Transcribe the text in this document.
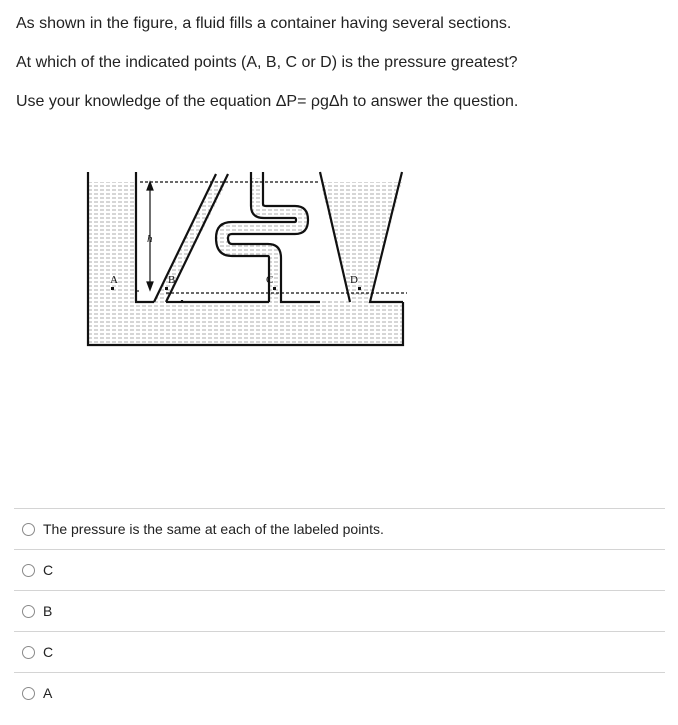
As shown in the figure, a fluid fills a container having several sections.
At which of the indicated points (A, B, C or D) is the pressure greatest?
Use your knowledge of the equation ΔP= ρgΔh to answer the question.
h
A	B	C	D
The pressure is the same at each of the labeled points.
C
B
C
A
